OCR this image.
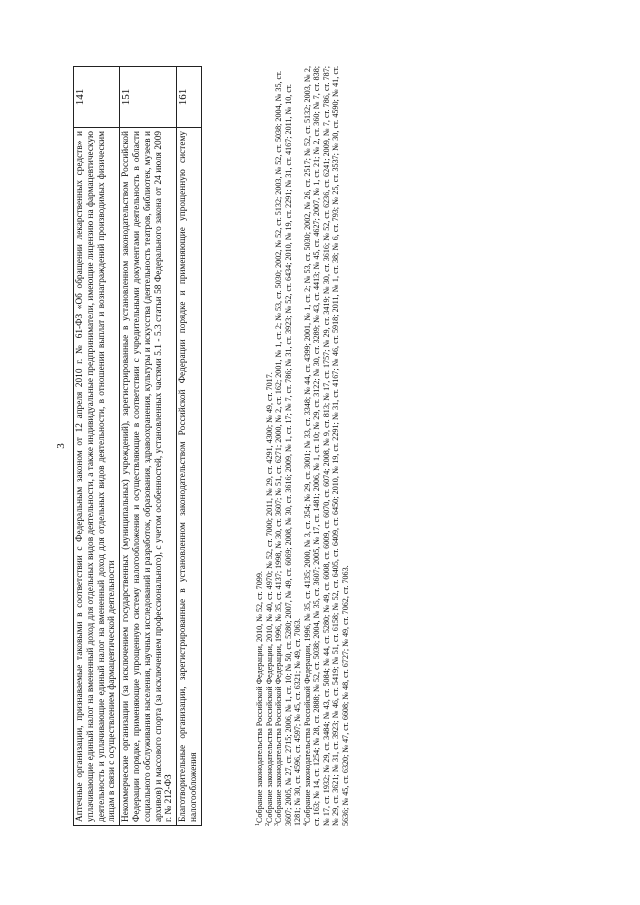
3 Аптечные организации, признаваемые таковыми в соответствии с Федеральным законом от 12 апреля 2010 г. № 61-ФЗ «Об обращении лекарственных средств» и уплачивающие единый налог на вмененный доход для отдельных видов деятельности, а также индивидуальные предприниматели, имеющие лицензию на фармацевтическую деятельность и уплачивающие единый налог на вмененный доход для отдельных видов деятельности, в отношении выплат и вознаграждений производимых физическим лицам в связи с осуществлением фармацевтической деятельности	141
Некоммерческие организации (за исключением государственных (муниципальных) учреждений), зарегистрированные в установленном законодательством Российской Федерации порядке, применяющие упрощенную систему налогообложения и осуществляющие в соответствии с учредительными документами деятельность в области социального обслуживания населения, научных исследований и разработок, образования, здравоохранения, культуры и искусства (деятельность театров, библиотек, музеев и архивов) и массового спорта (за исключением профессионального), с учетом особенностей, установленных частями 5.1 - 5.3 статьи 58 Федерального закона от 24 июля 2009 г. № 212-ФЗ	151
Благотворительные организации, зарегистрированные в установленном законодательством Российской Федерации порядке и применяющие упрощенную систему налогообложения	161

$^1$Собрание законодательства Российской Федерации, 2010, № 52, ст. 7099.

$^2$Собрание законодательства Российской Федерации, 2010, № 40, ст. 4970; № 52, ст. 7000; 2011, № 29, ст. 4291, 4300; № 49, ст. 7017.

$^3$Собрание законодательства Российской Федерации, 1996, № 35, ст. 4137; 1998, № 30, ст. 3607; № 51, ст. 6271; 2000, № 2, ст. 162; 2001, № 1, ст. 2; № 53, ст. 5030; 2002, № 52, ст. 5132; 2003, № 52, ст. 5038; 2004, № 35, ст. 3607; 2005, № 27, ст. 2715; 2006, № 1, ст. 10; № 50, ст. 5280; 2007, № 49, ст. 6069; 2008, № 30, ст. 3616; 2009, № 1, ст. 17; № 7, ст. 786; № 31, ст. 3923; № 52, ст. 6434; 2010, № 19, ст. 2291; № 31, ст. 4167; 2011, № 10, ст. 1281; № 30, ст. 4596, ст. 4597; № 45, ст. 6321; № 49, ст. 7063. $^4$Собрание законодательства Российской Федерации, 1996, № 35, ст. 4135; 2000, № 3, ст. 354; № 29, ст. 3001; № 33, ст. 3348; № 44, ст. 4399; 2001, № 1, ст. 2; № 53, ст. 5030; 2002, № 26, ст. 2517; № 52, ст. 5132; 2003, № 2, ст. 163; № 14, ст. 1254; № 28, ст. 2888; № 52, ст. 5038; 2004, № 35, ст. 3607; 2005, № 17, ст. 1481; 2006, № 1, ст. 10; № 29, ст. 3122; № 30, ст. 3289; № 43, ст. 4413; № 45, ст. 4627; 2007, № 1, ст. 21; № 2, ст. 360; № 7, ст. 838; № 17, ст. 1932; № 29, ст. 3484; № 43, ст. 5084; № 44, ст. 5280; № 49, ст. 6008, ст. 6009, ст. 6070, ст. 6074; 2008, № 9, ст. 813; № 17, ст. 1757; № 29, ст. 3419; № 30, ст. 3616; № 52, ст. 6236, ст. 6241; 2009, № 7, ст. 786, ст. 787; № 29, ст. 3621; № 31, ст. 3923; № 46, ст. 5419; № 51, ст. 6158; № 52, ст. 6405, ст. 6409, ст. 6450; 2010, № 19, ст. 2291; № 31, ст. 4167; № 46, ст. 5918; 2011, № 1, ст. 38; № 6, ст. 793; № 25, ст. 3537; № 30, ст. 4590; № 41, ст. 5636; № 45, ст. 6320; № 47, ст. 6608; № 48, ст. 6727; № 49, ст. 7062, ст. 7063.
